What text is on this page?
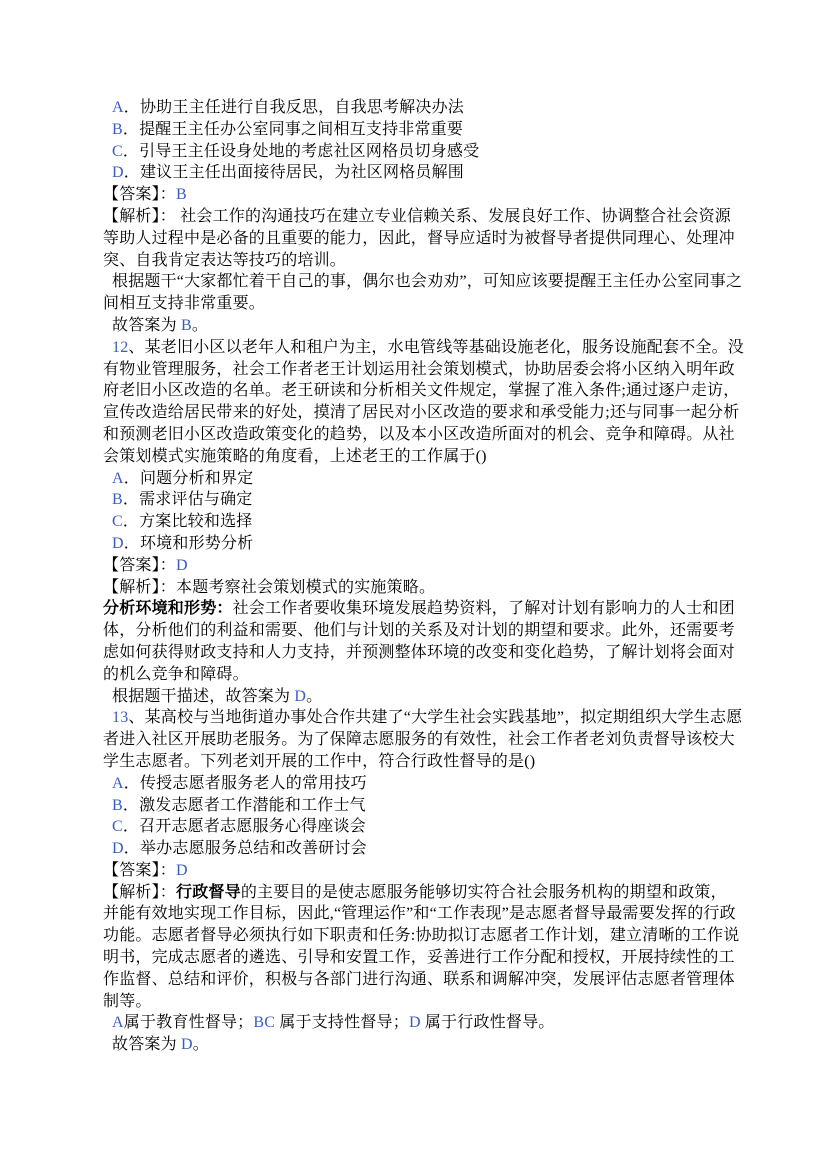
A．协助王主任进行自我反思，自我思考解决办法
B．提醒王主任办公室同事之间相互支持非常重要
C．引导王主任设身处地的考虑社区网格员切身感受
D．建议王主任出面接待居民，为社区网格员解围
【答案】：B
【解析】： 社会工作的沟通技巧在建立专业信赖关系、发展良好工作、协调整合社会资源
等助人过程中是必备的且重要的能力，因此，督导应适时为被督导者提供同理心、处理冲
突、自我肯定表达等技巧的培训。
根据题干“大家都忙着干自己的事，偶尔也会劝劝”，可知应该要提醒王主任办公室同事之
间相互支持非常重要。
故答案为 B。
12、某老旧小区以老年人和租户为主，水电管线等基础设施老化，服务设施配套不全。没
有物业管理服务，社会工作者老王计划运用社会策划模式，协助居委会将小区纳入明年政
府老旧小区改造的名单。老王研读和分析相关文件规定，掌握了准入条件;通过逐户走访，
宣传改造给居民带来的好处，摸清了居民对小区改造的要求和承受能力;还与同事一起分析
和预测老旧小区改造政策变化的趋势，以及本小区改造所面对的机会、竞争和障碍。从社
会策划模式实施策略的角度看，上述老王的工作属于()
A．问题分析和界定
B．需求评估与确定
C．方案比较和选择
D．环境和形势分析
【答案】：D
【解析】：本题考察社会策划模式的实施策略。
分析环境和形势：社会工作者要收集环境发展趋势资料，了解对计划有影响力的人士和团
体，分析他们的利益和需要、他们与计划的关系及对计划的期望和要求。此外，还需要考
虑如何获得财政支持和人力支持，并预测整体环境的改变和变化趋势，了解计划将会面对
的机么竞争和障碍。
根据题干描述，故答案为 D。
13、某高校与当地街道办事处合作共建了“大学生社会实践基地”，拟定期组织大学生志愿
者进入社区开展助老服务。为了保障志愿服务的有效性，社会工作者老刘负责督导该校大
学生志愿者。下列老刘开展的工作中，符合行政性督导的是()
A．传授志愿者服务老人的常用技巧
B．激发志愿者工作潜能和工作士气
C．召开志愿者志愿服务心得座谈会
D．举办志愿服务总结和改善研讨会
【答案】：D
【解析】：行政督导的主要目的是使志愿服务能够切实符合社会服务机构的期望和政策，
并能有效地实现工作目标，因此,“管理运作”和“工作表现”是志愿者督导最需要发挥的行政
功能。志愿者督导必须执行如下职责和任务:协助拟订志愿者工作计划，建立清晰的工作说
明书，完成志愿者的遴选、引导和安置工作，妥善进行工作分配和授权，开展持续性的工
作监督、总结和评价，积极与各部门进行沟通、联系和调解冲突，发展评估志愿者管理体
制等。
A属于教育性督导；BC 属于支持性督导；D 属于行政性督导。
故答案为 D。
